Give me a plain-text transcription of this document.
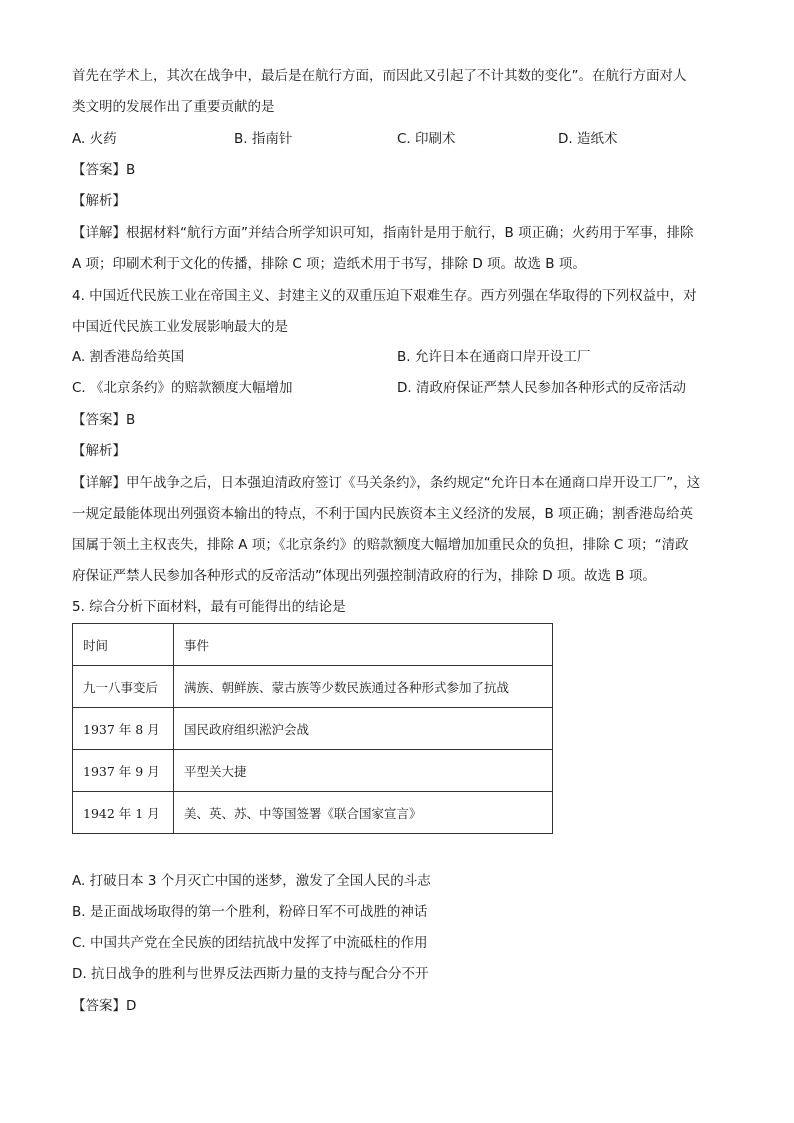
首先在学术上，其次在战争中，最后是在航行方面，而因此又引起了不计其数的变化”。在航行方面对人
类文明的发展作出了重要贡献的是
A. 火药	B. 指南针	C. 印刷术	D. 造纸术
【答案】B
【解析】
【详解】根据材料“航行方面”并结合所学知识可知，指南针是用于航行，B 项正确；火药用于军事，排除
A 项；印刷术利于文化的传播，排除 C 项；造纸术用于书写，排除 D 项。故选 B 项。
4. 中国近代民族工业在帝国主义、封建主义的双重压迫下艰难生存。西方列强在华取得的下列权益中，对
中国近代民族工业发展影响最大的是
A. 割香港岛给英国	B. 允许日本在通商口岸开设工厂
C. 《北京条约》的赔款额度大幅增加	D. 清政府保证严禁人民参加各种形式的反帝活动
【答案】B
【解析】
【详解】甲午战争之后，日本强迫清政府签订《马关条约》，条约规定“允许日本在通商口岸开设工厂”，这
一规定最能体现出列强资本输出的特点，不利于国内民族资本主义经济的发展，B 项正确；割香港岛给英
国属于领土主权丧失，排除 A 项；《北京条约》的赔款额度大幅增加加重民众的负担，排除 C 项；“清政
府保证严禁人民参加各种形式的反帝活动”体现出列强控制清政府的行为，排除 D 项。故选 B 项。
5. 综合分析下面材料，最有可能得出的结论是
时间	事件
九一八事变后	满族、朝鲜族、蒙古族等少数民族通过各种形式参加了抗战
1937 年 8 月	国民政府组织淞沪会战
1937 年 9 月	平型关大捷
1942 年 1 月	美、英、苏、中等国签署《联合国家宣言》
A. 打破日本 3 个月灭亡中国的迷梦，激发了全国人民的斗志
B. 是正面战场取得的第一个胜利，粉碎日军不可战胜的神话
C. 中国共产党在全民族的团结抗战中发挥了中流砥柱的作用
D. 抗日战争的胜利与世界反法西斯力量的支持与配合分不开
【答案】D
